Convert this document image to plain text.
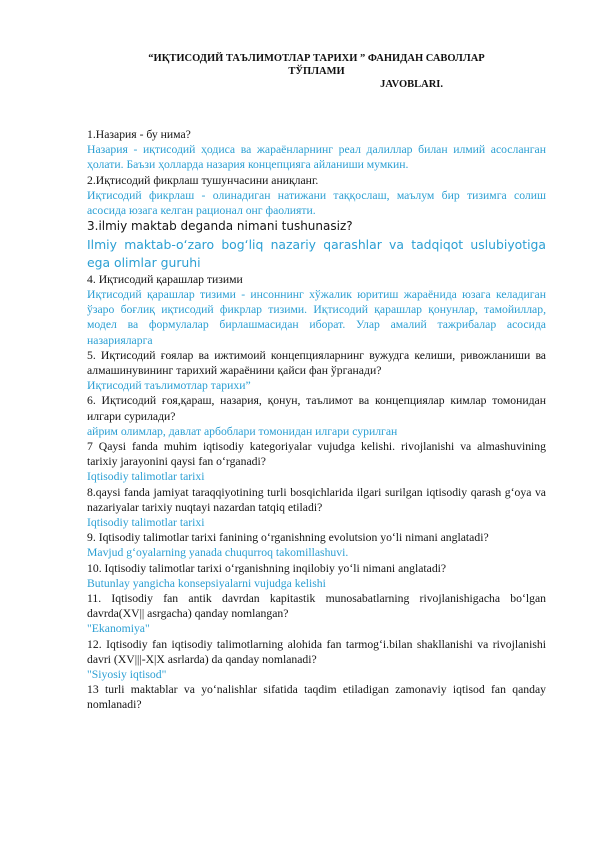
“ИҚТИСОДИЙ ТАЪЛИМОТЛАР ТАРИХИ ” ФАНИДАН САВОЛЛАР
ТЎПЛАМИ
JAVOBLARI.

1.Назария - бу нима?

Назария - иқтисодий ҳодиса ва жараёнларнинг реал далиллар билан илмий асосланган ҳолати. Баъзи ҳолларда назария концепцияга айланиши мумкин.

2.Иқтисодий фикрлаш тушунчасини аниқланг.

Иқтисодий фикрлаш - олинадиган натижани таққослаш, маълум бир тизимга солиш асосида юзага келган рационал онг фаолияти.

3.ilmiy maktab deganda nimani tushunasiz?

Ilmiy maktab-o‘zaro bog‘liq nazariy qarashlar va tadqiqot uslubiyotiga ega olimlar guruhi

4. Иқтисодий қарашлар тизими

Иқтисодий қарашлар тизими - инсоннинг хўжалик юритиш жараёнида юзага келадиган ўзаро боғлиқ иқтисодий фикрлар тизими. Иқтисодий қарашлар қонунлар, тамойиллар, модел ва формулалар бирлашмасидан иборат. Улар амалий тажрибалар асосида назарияларга

5. Иқтисодий ғоялар ва ижтимоий концепцияларнинг вужудга келиши, ривожланиши ва алмашинувининг тарихий жараёнини қайси фан ўрганади?

Иқтисодий таълимотлар тарихи”

6. Иқтисодий ғоя,қараш, назария, қонун, таълимот ва концепциялар кимлар томонидан илгари сурилади?

айрим олимлар, давлат арбоблари томонидан илгари сурилган

7 Qaysi fanda muhim iqtisodiy kategoriyalar vujudga kelishi. rivojlanishi va almashuvining tarixiy jarayonini qaysi fan o‘rganadi?

Iqtisodiy talimotlar tarixi

8.qaysi fanda jamiyat taraqqiyotining turli bosqichlarida ilgari surilgan iqtisodiy qarash g‘oya va nazariyalar tarixiy nuqtayi nazardan tatqiq etiladi?

Iqtisodiy talimotlar tarixi

9. Iqtisodiy talimotlar tarixi fanining o‘rganishning evolutsion yo‘li nimani anglatadi?

Mavjud g‘oyalarning yanada chuqurroq takomillashuvi.

10. Iqtisodiy talimotlar tarixi o‘rganishning inqilobiy yo‘li nimani anglatadi?

Butunlay yangicha konsepsiyalarni vujudga kelishi

11. Iqtisodiy fan antik davrdan kapitastik munosabatlarning rivojlanishigacha bo‘lgan davrda(XV|| asrgacha) qanday nomlangan?

"Ekanomiya"

12. Iqtisodiy fan iqtisodiy talimotlarning alohida fan tarmog‘i.bilan shakllanishi va rivojlanishi davri (XV|||-X|X asrlarda) da qanday nomlanadi?

"Siyosiy iqtisod"

13 turli maktablar va yo‘nalishlar sifatida taqdim etiladigan zamonaviy iqtisod fan qanday nomlanadi?
